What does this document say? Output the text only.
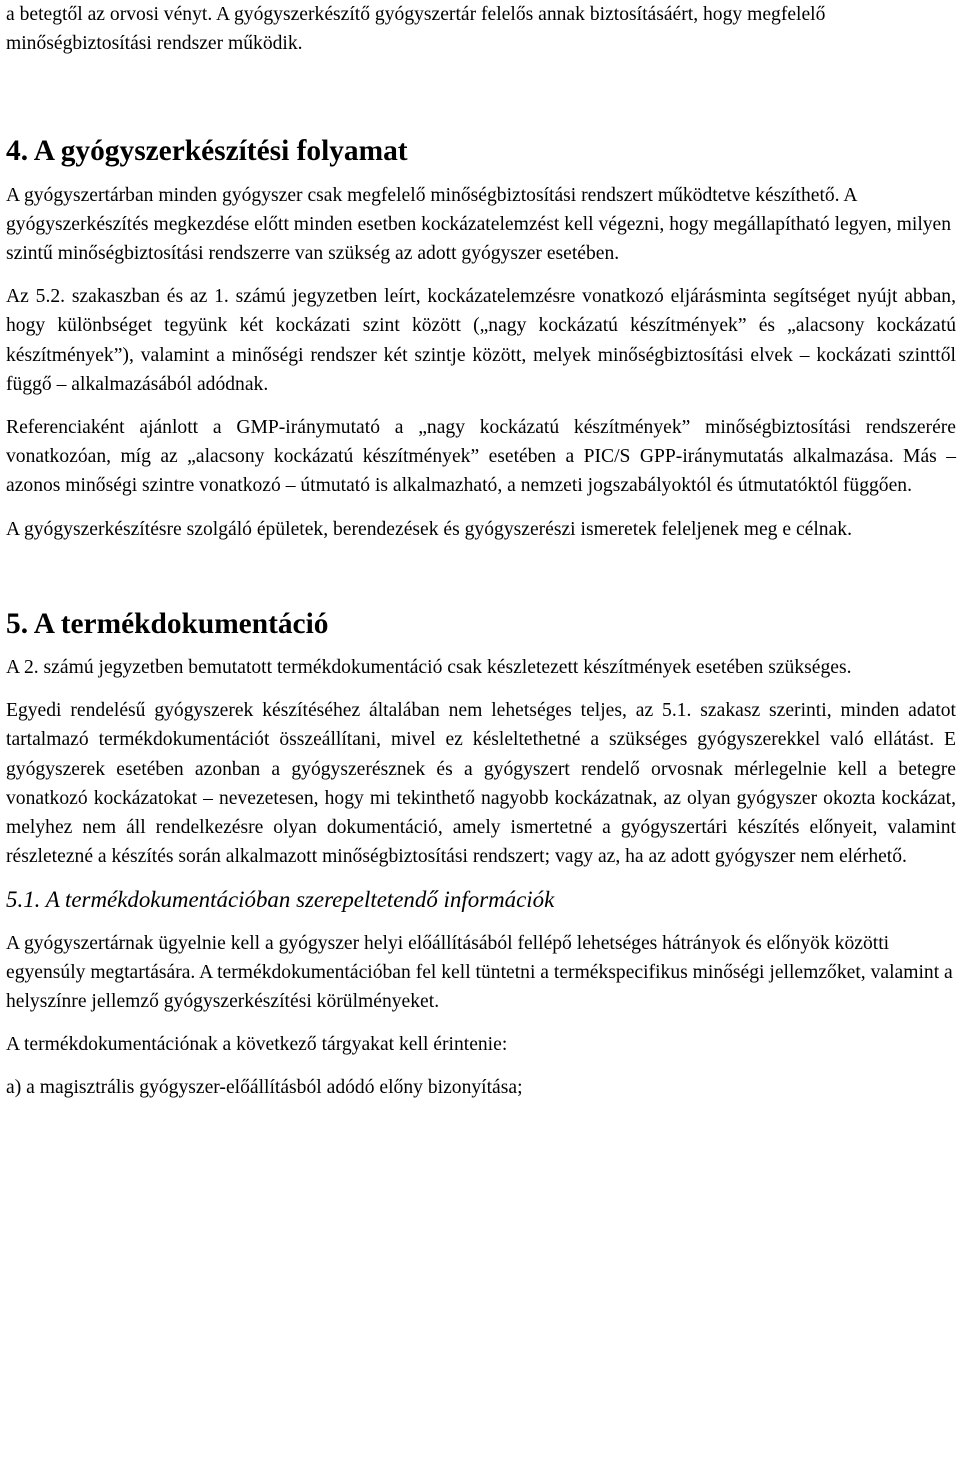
a betegtől az orvosi vényt. A gyógyszerkészítő gyógyszertár felelős annak biztosításáért, hogy megfelelő minőségbiztosítási rendszer működik.

4. A gyógyszerkészítési folyamat

A gyógyszertárban minden gyógyszer csak megfelelő minőségbiztosítási rendszert működtetve készíthető. A gyógyszerkészítés megkezdése előtt minden esetben kockázatelemzést kell végezni, hogy megállapítható legyen, milyen szintű minőségbiztosítási rendszerre van szükség az adott gyógyszer esetében.

Az 5.2. szakaszban és az 1. számú jegyzetben leírt, kockázatelemzésre vonatkozó eljárásminta segítséget nyújt abban, hogy különbséget tegyünk két kockázati szint között („nagy kockázatú készítmények” és „alacsony kockázatú készítmények”), valamint a minőségi rendszer két szintje között, melyek minőségbiztosítási elvek – kockázati szinttől függő – alkalmazásából adódnak.

Referenciaként ajánlott a GMP-iránymutató a „nagy kockázatú készítmények” minőségbiztosítási rendszerére vonatkozóan, míg az „alacsony kockázatú készítmények” esetében a PIC/S GPP-iránymutatás alkalmazása. Más – azonos minőségi szintre vonatkozó – útmutató is alkalmazható, a nemzeti jogszabályoktól és útmutatóktól függően.

A gyógyszerkészítésre szolgáló épületek, berendezések és gyógyszerészi ismeretek feleljenek meg e célnak.

5. A termékdokumentáció

A 2. számú jegyzetben bemutatott termékdokumentáció csak készletezett készítmények esetében szükséges.

Egyedi rendelésű gyógyszerek készítéséhez általában nem lehetséges teljes, az 5.1. szakasz szerinti, minden adatot tartalmazó termékdokumentációt összeállítani, mivel ez késleltethetné a szükséges gyógyszerekkel való ellátást. E gyógyszerek esetében azonban a gyógyszerésznek és a gyógyszert rendelő orvosnak mérlegelnie kell a betegre vonatkozó kockázatokat – nevezetesen, hogy mi tekinthető nagyobb kockázatnak, az olyan gyógyszer okozta kockázat, melyhez nem áll rendelkezésre olyan dokumentáció, amely ismertetné a gyógyszertári készítés előnyeit, valamint részletezné a készítés során alkalmazott minőségbiztosítási rendszert; vagy az, ha az adott gyógyszer nem elérhető.

5.1. A termékdokumentációban szerepeltetendő információk

A gyógyszertárnak ügyelnie kell a gyógyszer helyi előállításából fellépő lehetséges hátrányok és előnyök közötti egyensúly megtartására. A termékdokumentációban fel kell tüntetni a termékspecifikus minőségi jellemzőket, valamint a helyszínre jellemző gyógyszerkészítési körülményeket.

A termékdokumentációnak a következő tárgyakat kell érintenie:

a) a magisztrális gyógyszer-előállításból adódó előny bizonyítása;
